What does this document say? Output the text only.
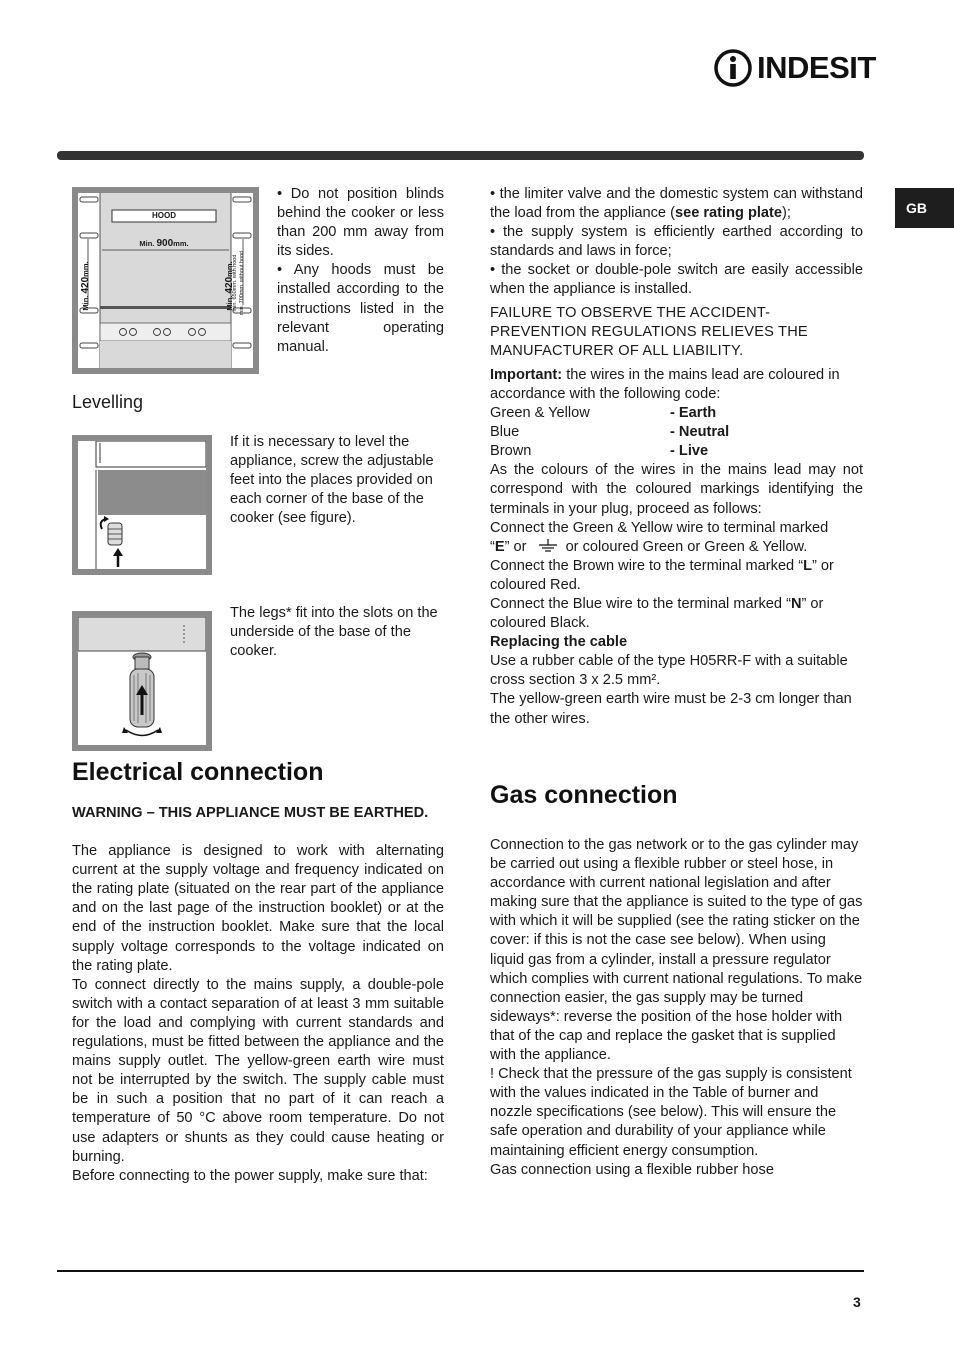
INDESIT
GB
HOOD
Min. 900mm.
Min. 420mm.
Min. 420mm.
min. 650mm. with hood min. 700mm. without hood

• Do not position blinds behind the cooker or less than 200 mm away from its sides.

• Any hoods must be installed according to the instructions listed in the relevant operating manual.

Levelling

If it is necessary to level the appliance, screw the adjustable feet into the places provided on each corner of the base of the cooker (see figure).

The legs* fit into the slots on the underside of the base of the cooker.

Electrical connection

WARNING – THIS APPLIANCE MUST BE EARTHED.

The appliance is designed to work with alternating current at the supply voltage and frequency indicated on the rating plate (situated on the rear part of the appliance and on the last page of the instruction booklet) or at the end of the instruction booklet. Make sure that the local supply voltage corresponds to the voltage indicated on the rating plate.

To connect directly to the mains supply, a double-pole switch with a contact separation of at least 3 mm suitable for the load and complying with current standards and regulations, must be fitted between the appliance and the mains supply outlet. The yellow-green earth wire must not be interrupted by the switch. The supply cable must be in such a position that no part of it can reach a temperature of 50 °C above room temperature. Do not use adapters or shunts as they could cause heating or burning.

Before connecting to the power supply, make sure that:

• the limiter valve and the domestic system can withstand the load from the appliance (see rating plate);

• the supply system is efficiently earthed according to standards and laws in force;

• the socket or double-pole switch are easily accessible when the appliance is installed.

FAILURE TO OBSERVE THE ACCIDENT-PREVENTION REGULATIONS RELIEVES THE MANUFACTURER OF ALL LIABILITY.

Important: the wires in the mains lead are coloured in accordance with the following code:

Green & Yellow	- Earth
Blue	- Neutral
Brown	- Live

As the colours of the wires in the mains lead may not correspond with the coloured markings identifying the terminals in your plug, proceed as follows:

Connect the Green & Yellow wire to terminal marked
“E” or	or coloured Green or Green & Yellow.

Connect the Brown wire to the terminal marked “L” or coloured Red.

Connect the Blue wire to the terminal marked “N” or coloured Black.

Replacing the cable

Use a rubber cable of the type H05RR-F with a suitable

cross section 3 x 2.5 mm².

The yellow-green earth wire must be 2-3 cm longer than the other wires.

Gas connection

Connection to the gas network or to the gas cylinder may be carried out using a flexible rubber or steel hose, in accordance with current national legislation and after making sure that the appliance is suited to the type of gas with which it will be supplied (see the rating sticker on the cover: if this is not the case see below). When using liquid gas from a cylinder, install a pressure regulator which complies with current national regulations. To make connection easier, the gas supply may be turned sideways*: reverse the position of the hose holder with that of the cap and replace the gasket that is supplied with the appliance.

! Check that the pressure of the gas supply is consistent with the values indicated in the Table of burner and nozzle specifications (see below). This will ensure the safe operation and durability of your appliance while maintaining efficient energy consumption.

Gas connection using a flexible rubber hose

3
